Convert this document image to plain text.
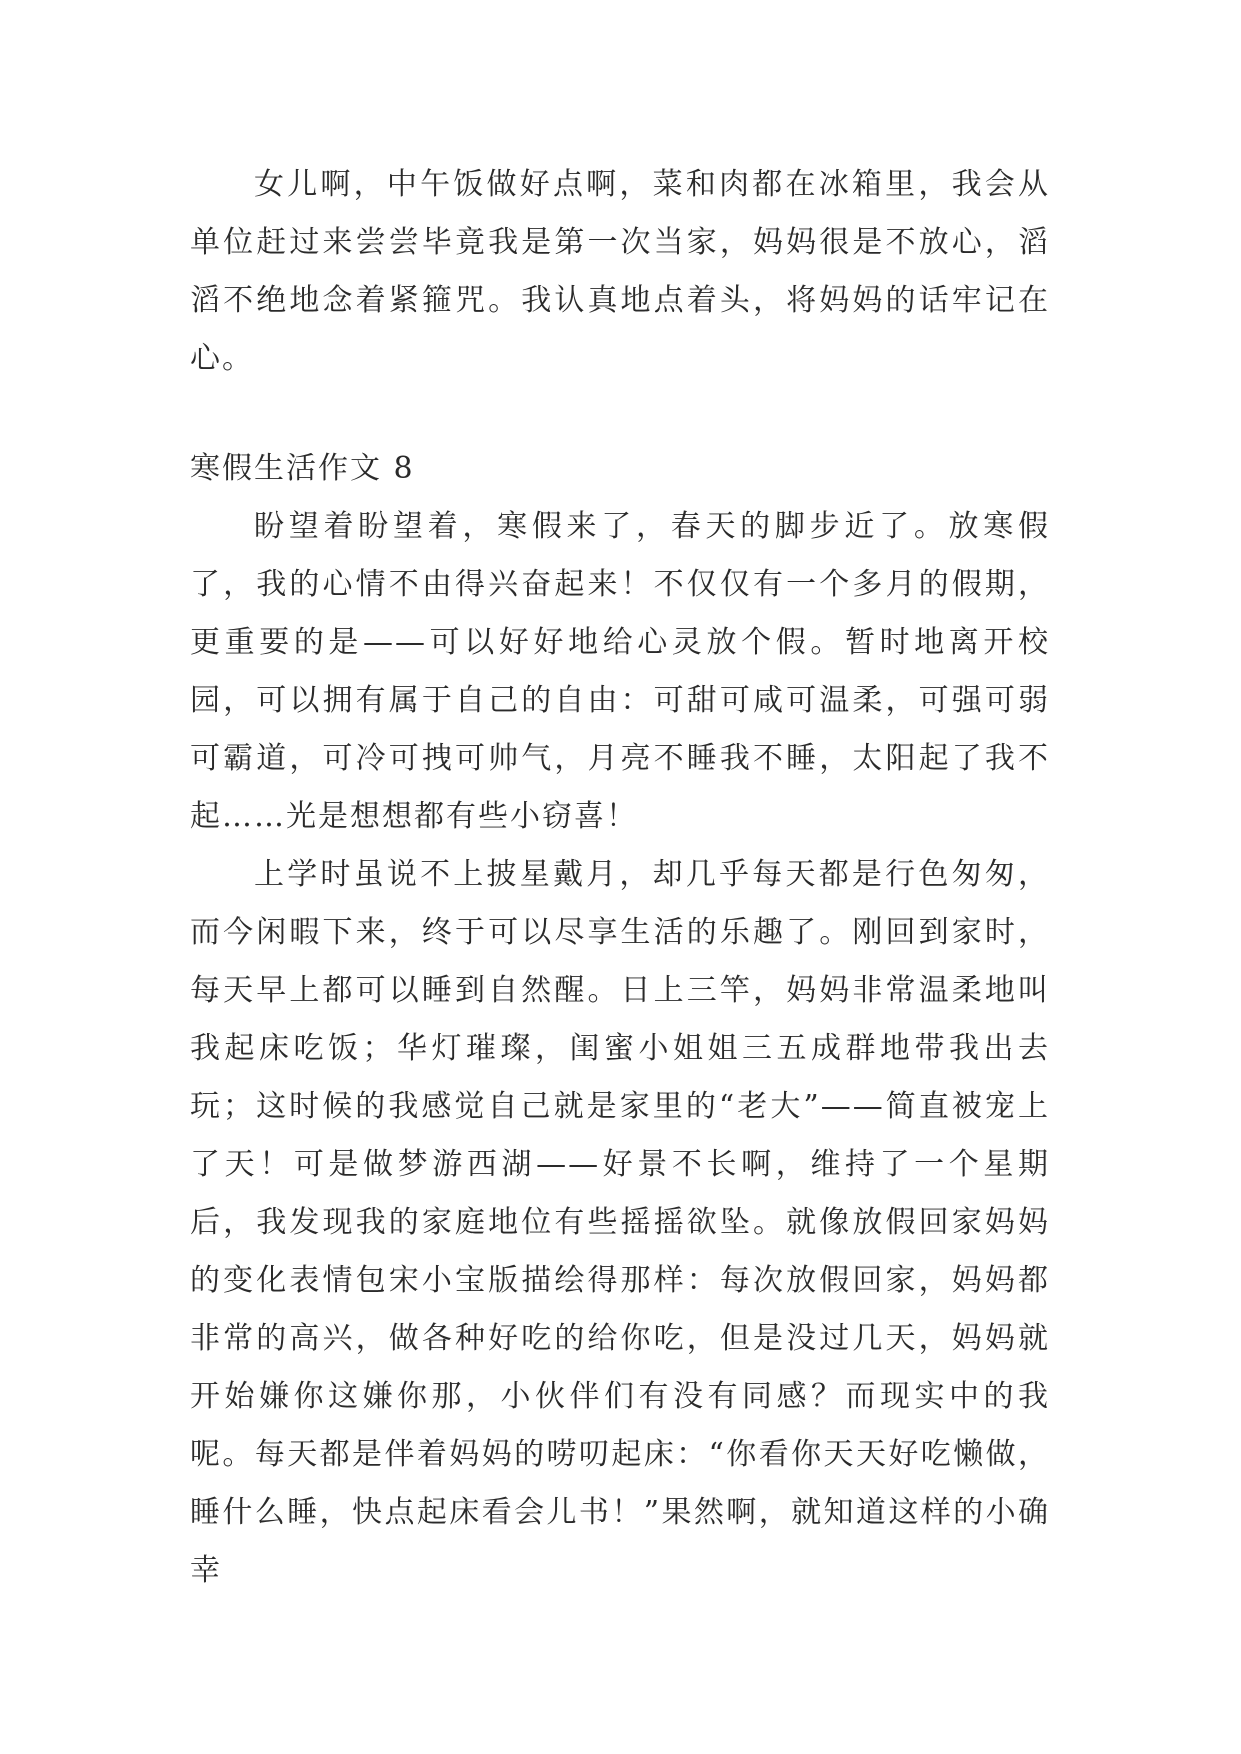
女儿啊，中午饭做好点啊，菜和肉都在冰箱里，我会从单位赶过来尝尝毕竟我是第一次当家，妈妈很是不放心，滔滔不绝地念着紧箍咒。我认真地点着头，将妈妈的话牢记在心。

寒假生活作文 8

盼望着盼望着，寒假来了，春天的脚步近了。放寒假了，我的心情不由得兴奋起来！不仅仅有一个多月的假期，更重要的是——可以好好地给心灵放个假。暂时地离开校园，可以拥有属于自己的自由：可甜可咸可温柔，可强可弱可霸道，可冷可拽可帅气，月亮不睡我不睡，太阳起了我不起……光是想想都有些小窃喜！

上学时虽说不上披星戴月，却几乎每天都是行色匆匆，而今闲暇下来，终于可以尽享生活的乐趣了。刚回到家时，每天早上都可以睡到自然醒。日上三竿，妈妈非常温柔地叫我起床吃饭；华灯璀璨，闺蜜小姐姐三五成群地带我出去玩；这时候的我感觉自己就是家里的“老大”——简直被宠上了天！可是做梦游西湖——好景不长啊，维持了一个星期后，我发现我的家庭地位有些摇摇欲坠。就像放假回家妈妈的变化表情包宋小宝版描绘得那样：每次放假回家，妈妈都非常的高兴，做各种好吃的给你吃，但是没过几天，妈妈就开始嫌你这嫌你那，小伙伴们有没有同感？而现实中的我呢。每天都是伴着妈妈的唠叨起床：“你看你天天好吃懒做，睡什么睡，快点起床看会儿书！”果然啊，就知道这样的小确幸
